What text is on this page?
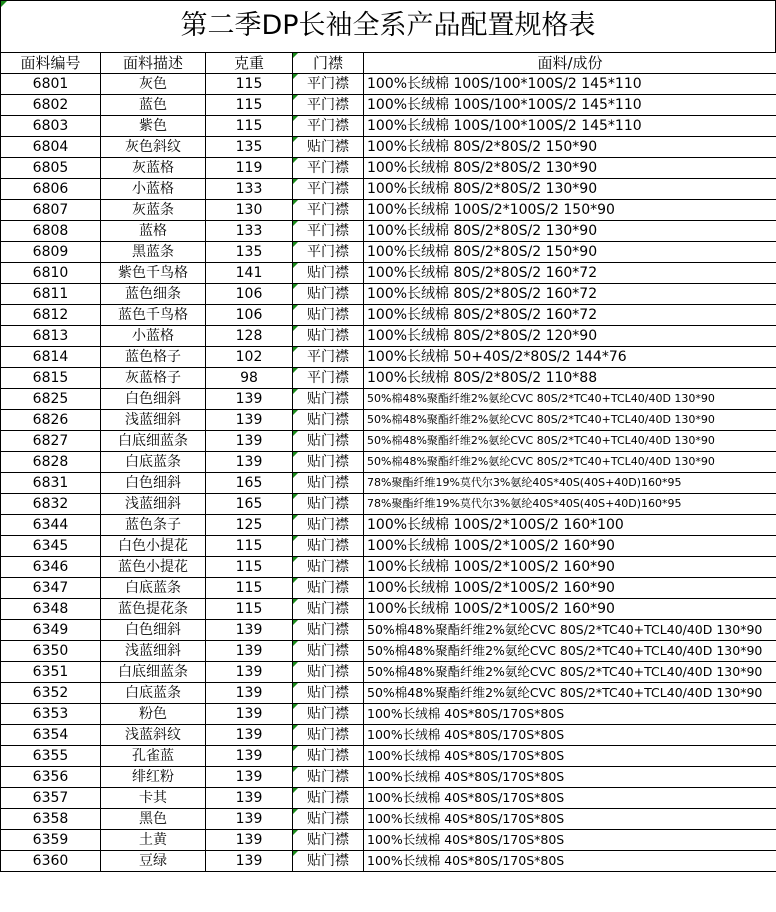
第二季DP长袖全系产品配置规格表
面料编号	面料描述	克重	门襟	面料/成份
6801	灰色	115	平门襟	100%长绒棉 100S/100*100S/2 145*110
6802	蓝色	115	平门襟	100%长绒棉 100S/100*100S/2 145*110
6803	紫色	115	平门襟	100%长绒棉 100S/100*100S/2 145*110
6804	灰色斜纹	135	贴门襟	100%长绒棉 80S/2*80S/2 150*90
6805	灰蓝格	119	平门襟	100%长绒棉 80S/2*80S/2 130*90
6806	小蓝格	133	平门襟	100%长绒棉 80S/2*80S/2 130*90
6807	灰蓝条	130	平门襟	100%长绒棉 100S/2*100S/2 150*90
6808	蓝格	133	平门襟	100%长绒棉 80S/2*80S/2 130*90
6809	黑蓝条	135	平门襟	100%长绒棉 80S/2*80S/2 150*90
6810	紫色千鸟格	141	贴门襟	100%长绒棉 80S/2*80S/2 160*72
6811	蓝色细条	106	贴门襟	100%长绒棉 80S/2*80S/2 160*72
6812	蓝色千鸟格	106	贴门襟	100%长绒棉 80S/2*80S/2 160*72
6813	小蓝格	128	贴门襟	100%长绒棉 80S/2*80S/2 120*90
6814	蓝色格子	102	平门襟	100%长绒棉 50+40S/2*80S/2 144*76
6815	灰蓝格子	98	平门襟	100%长绒棉 80S/2*80S/2 110*88
6825	白色细斜	139	贴门襟	50%棉48%聚酯纤维2%氨纶CVC 80S/2*TC40+TCL40/40D 130*90
6826	浅蓝细斜	139	贴门襟	50%棉48%聚酯纤维2%氨纶CVC 80S/2*TC40+TCL40/40D 130*90
6827	白底细蓝条	139	贴门襟	50%棉48%聚酯纤维2%氨纶CVC 80S/2*TC40+TCL40/40D 130*90
6828	白底蓝条	139	贴门襟	50%棉48%聚酯纤维2%氨纶CVC 80S/2*TC40+TCL40/40D 130*90
6831	白色细斜	165	贴门襟	78%聚酯纤维19%莫代尔3%氨纶40S*40S(40S+40D)160*95
6832	浅蓝细斜	165	贴门襟	78%聚酯纤维19%莫代尔3%氨纶40S*40S(40S+40D)160*95
6344	蓝色条子	125	贴门襟	100%长绒棉 100S/2*100S/2 160*100
6345	白色小提花	115	贴门襟	100%长绒棉 100S/2*100S/2 160*90
6346	蓝色小提花	115	贴门襟	100%长绒棉 100S/2*100S/2 160*90
6347	白底蓝条	115	贴门襟	100%长绒棉 100S/2*100S/2 160*90
6348	蓝色提花条	115	贴门襟	100%长绒棉 100S/2*100S/2 160*90
6349	白色细斜	139	贴门襟	50%棉48%聚酯纤维2%氨纶CVC 80S/2*TC40+TCL40/40D 130*90
6350	浅蓝细斜	139	贴门襟	50%棉48%聚酯纤维2%氨纶CVC 80S/2*TC40+TCL40/40D 130*90
6351	白底细蓝条	139	贴门襟	50%棉48%聚酯纤维2%氨纶CVC 80S/2*TC40+TCL40/40D 130*90
6352	白底蓝条	139	贴门襟	50%棉48%聚酯纤维2%氨纶CVC 80S/2*TC40+TCL40/40D 130*90
6353	粉色	139	贴门襟	100%长绒棉 40S*80S/170S*80S
6354	浅蓝斜纹	139	贴门襟	100%长绒棉 40S*80S/170S*80S
6355	孔雀蓝	139	贴门襟	100%长绒棉 40S*80S/170S*80S
6356	绯红粉	139	贴门襟	100%长绒棉 40S*80S/170S*80S
6357	卡其	139	贴门襟	100%长绒棉 40S*80S/170S*80S
6358	黑色	139	贴门襟	100%长绒棉 40S*80S/170S*80S
6359	土黄	139	贴门襟	100%长绒棉 40S*80S/170S*80S
6360	豆绿	139	贴门襟	100%长绒棉 40S*80S/170S*80S
